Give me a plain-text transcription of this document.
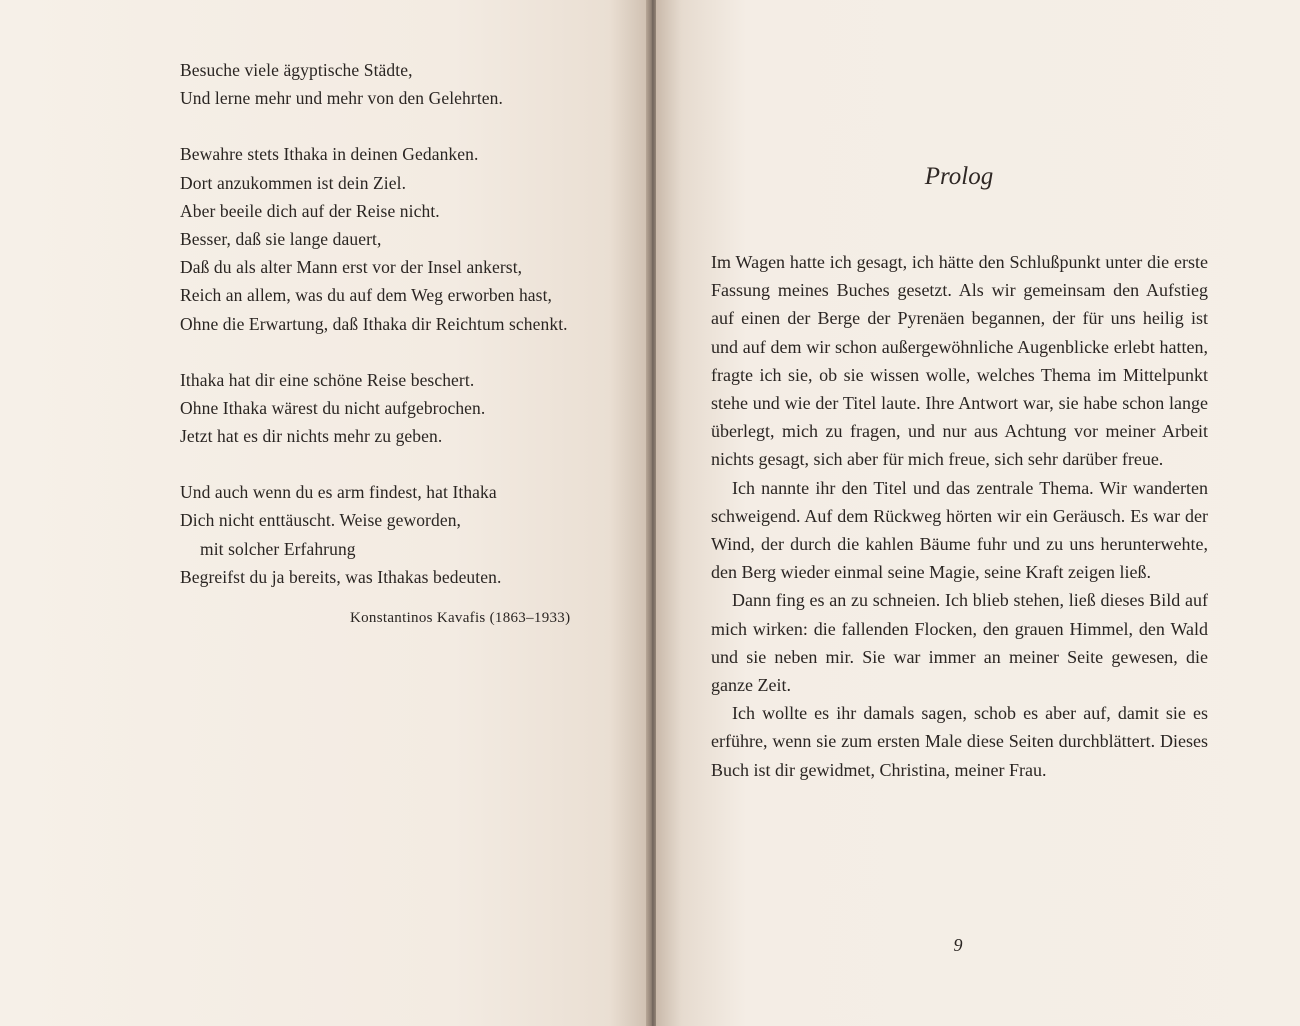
Besuche viele ägyptische Städte,
Und lerne mehr und mehr von den Gelehrten.
Bewahre stets Ithaka in deinen Gedanken.
Dort anzukommen ist dein Ziel.
Aber beeile dich auf der Reise nicht.
Besser, daß sie lange dauert,
Daß du als alter Mann erst vor der Insel ankerst,
Reich an allem, was du auf dem Weg erworben hast,
Ohne die Erwartung, daß Ithaka dir Reichtum schenkt.
Ithaka hat dir eine schöne Reise beschert.
Ohne Ithaka wärest du nicht aufgebrochen.
Jetzt hat es dir nichts mehr zu geben.
Und auch wenn du es arm findest, hat Ithaka
Dich nicht enttäuscht. Weise geworden,
mit solcher Erfahrung
Begreifst du ja bereits, was Ithakas bedeuten.
Konstantinos Kavafis (1863–1933)
Prolog

Im Wagen hatte ich gesagt, ich hätte den Schlußpunkt unter die erste Fassung meines Buches gesetzt. Als wir gemeinsam den Aufstieg auf einen der Berge der Pyrenäen begannen, der für uns heilig ist und auf dem wir schon außergewöhnliche Augenblicke erlebt hatten, fragte ich sie, ob sie wissen wolle, welches Thema im Mittelpunkt stehe und wie der Titel laute. Ihre Antwort war, sie habe schon lange überlegt, mich zu fragen, und nur aus Achtung vor meiner Arbeit nichts gesagt, sich aber für mich freue, sich sehr darüber freue.

Ich nannte ihr den Titel und das zentrale Thema. Wir wanderten schweigend. Auf dem Rückweg hörten wir ein Geräusch. Es war der Wind, der durch die kahlen Bäume fuhr und zu uns herunterwehte, den Berg wieder einmal seine Magie, seine Kraft zeigen ließ.

Dann fing es an zu schneien. Ich blieb stehen, ließ dieses Bild auf mich wirken: die fallenden Flocken, den grauen Himmel, den Wald und sie neben mir. Sie war immer an meiner Seite gewesen, die ganze Zeit.

Ich wollte es ihr damals sagen, schob es aber auf, damit sie es erführe, wenn sie zum ersten Male diese Seiten durchblättert. Dieses Buch ist dir gewidmet, Christina, meiner Frau.

9
